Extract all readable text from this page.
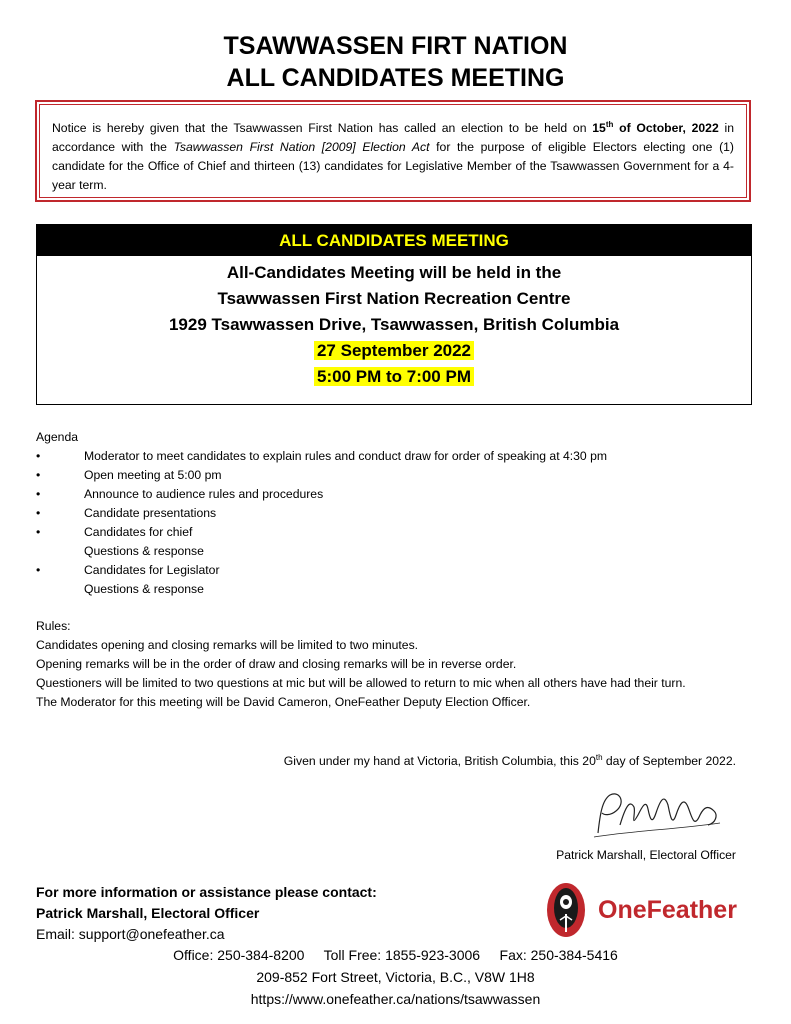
TSAWWASSEN FIRT NATION
ALL CANDIDATES MEETING
Notice is hereby given that the Tsawwassen First Nation has called an election to be held on 15th of October, 2022 in accordance with the Tsawwassen First Nation [2009] Election Act for the purpose of eligible Electors electing one (1) candidate for the Office of Chief and thirteen (13) candidates for Legislative Member of the Tsawwassen Government for a 4-year term.
ALL CANDIDATES MEETING
All-Candidates Meeting will be held in the
Tsawwassen First Nation Recreation Centre
1929 Tsawwassen Drive, Tsawwassen, British Columbia
27 September 2022
5:00 PM to 7:00 PM
Agenda
•	Moderator to meet candidates to explain rules and conduct draw for order of speaking at 4:30 pm
•	Open meeting at 5:00 pm
•	Announce to audience rules and procedures
•	Candidate presentations
•	Candidates for chief
Questions & response
•	Candidates for Legislator
Questions & response
Rules:
Candidates opening and closing remarks will be limited to two minutes.
Opening remarks will be in the order of draw and closing remarks will be in reverse order.
Questioners will be limited to two questions at mic but will be allowed to return to mic when all others have had their turn.
The Moderator for this meeting will be David Cameron, OneFeather Deputy Election Officer.
Given under my hand at Victoria, British Columbia, this 20th day of September 2022.
Patrick Marshall, Electoral Officer
For more information or assistance please contact:
Patrick Marshall, Electoral Officer
Email: support@onefeather.ca
Office: 250-384-8200     Toll Free: 1855-923-3006     Fax: 250-384-5416
209-852 Fort Street, Victoria, B.C., V8W 1H8
https://www.onefeather.ca/nations/tsawwassen
OneFeather
